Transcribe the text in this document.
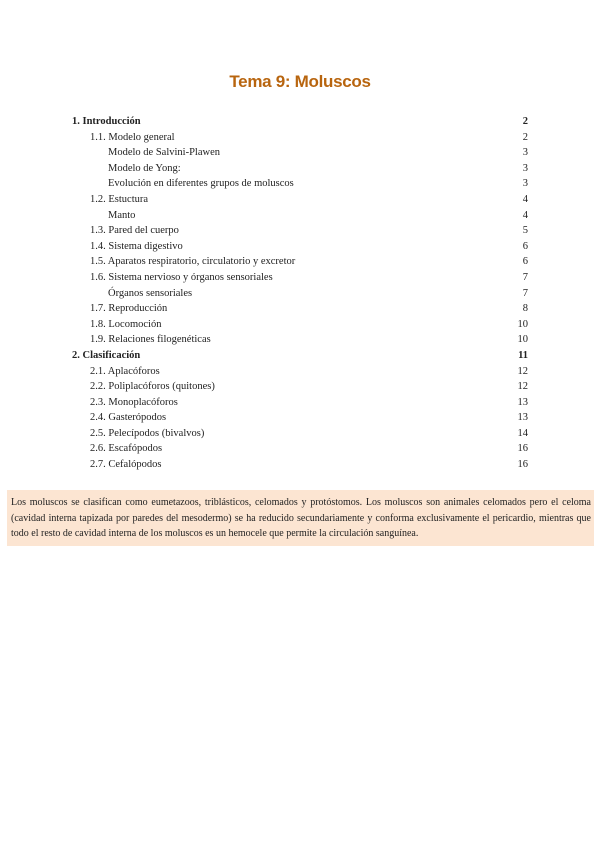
Tema 9: Moluscos
1. Introducción	2
1.1. Modelo general	2
Modelo de Salvini-Plawen	3
Modelo de Yong:	3
Evolución en diferentes grupos de moluscos	3
1.2. Estuctura	4
Manto	4
1.3. Pared del cuerpo	5
1.4. Sistema digestivo	6
1.5. Aparatos respiratorio, circulatorio y excretor	6
1.6. Sistema nervioso y órganos sensoriales	7
Órganos sensoriales	7
1.7. Reproducción	8
1.8. Locomoción	10
1.9. Relaciones filogenéticas	10
2. Clasificación	11
2.1. Aplacóforos	12
2.2. Poliplacóforos (quitones)	12
2.3. Monoplacóforos	13
2.4. Gasterópodos	13
2.5. Pelecípodos (bivalvos)	14
2.6. Escafópodos	16
2.7. Cefalópodos	16
Los moluscos se clasifican como eumetazoos, triblásticos, celomados y protóstomos. Los moluscos son animales celomados pero el celoma (cavidad interna tapizada por paredes del mesodermo) se ha reducido secundariamente y conforma exclusivamente el pericardio, mientras que todo el resto de cavidad interna de los moluscos es un hemocele que permite la circulación sanguínea.
